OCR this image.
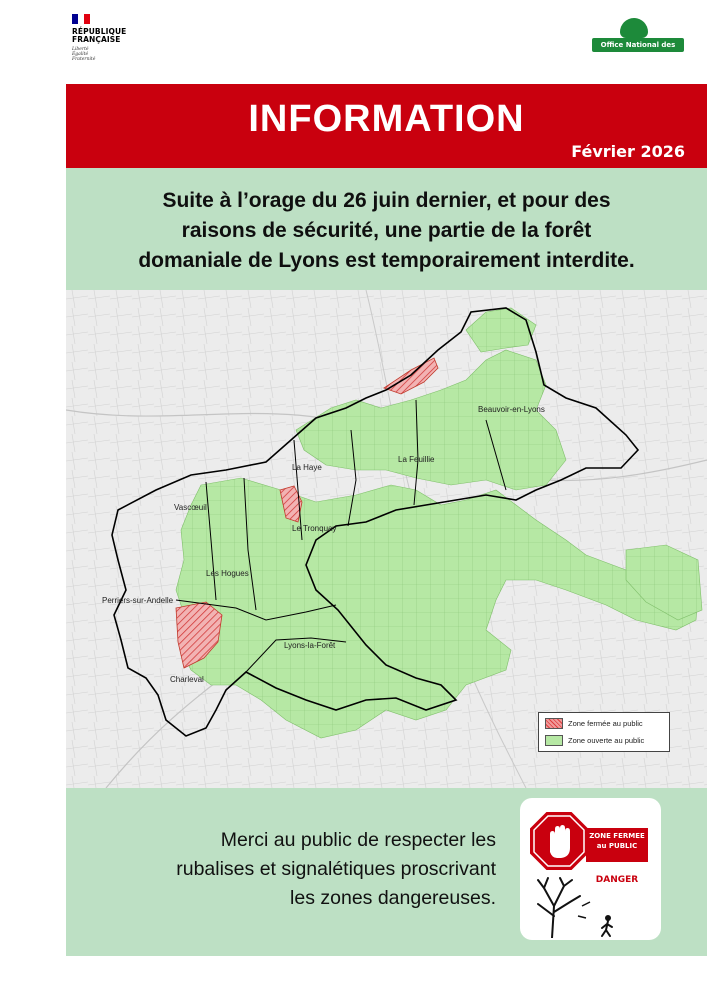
RÉPUBLIQUE
FRANÇAISE
Liberté
Égalité
Fraternité
Office National des Forêts
INFORMATION
Février 2026
Suite à l’orage du 26 juin dernier, et pour des
raisons de sécurité, une partie de la forêt
domaniale de Lyons est temporairement interdite.
Beauvoir-en-Lyons
La Haye
La Feuillie
Vascœuil
Le Tronquay
Les Hogues
Perriers-sur-Andelle
Lyons-la-Forêt
Charleval
Zone fermée au public
Zone ouverte au public
Merci au public de respecter les
rubalises et signalétiques proscrivant
les zones dangereuses.
ZONE FERMEE
au PUBLIC
DANGER
